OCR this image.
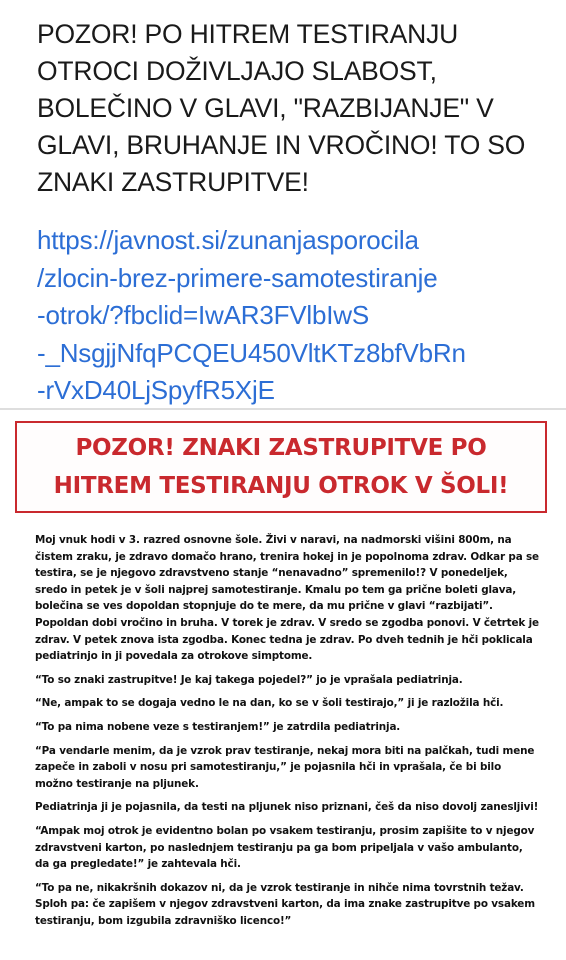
POZOR! PO HITREM TESTIRANJU OTROCI DOŽIVLJAJO SLABOST, BOLEČINO V GLAVI, "RAZBIJANJE" V GLAVI, BRUHANJE IN VROČINO! TO SO ZNAKI ZASTRUPITVE!
https://javnost.si/zunanjasporocila
/zlocin-brez-primere-samotestiranje
-otrok/?fbclid=IwAR3FVlbIwS
-_NsgjjNfqPCQEU450VltKTz8bfVbRn
-rVxD40LjSpyfR5XjE
POZOR! ZNAKI ZASTRUPITVE PO
HITREM TESTIRANJU OTROK V ŠOLI!

Moj vnuk hodi v 3. razred osnovne šole. Živi v naravi, na nadmorski višini 800m, na čistem zraku, je zdravo domačo hrano, trenira hokej in je popolnoma zdrav. Odkar pa se testira, se je njegovo zdravstveno stanje “nenavadno” spremenilo!? V ponedeljek, sredo in petek je v šoli najprej samotestiranje. Kmalu po tem ga prične boleti glava, bolečina se ves dopoldan stopnjuje do te mere, da mu prične v glavi “razbijati”. Popoldan dobi vročino in bruha. V torek je zdrav. V sredo se zgodba ponovi. V četrtek je zdrav. V petek znova ista zgodba. Konec tedna je zdrav. Po dveh tednih je hči poklicala pediatrinjo in ji povedala za otrokove simptome.

“To so znaki zastrupitve! Je kaj takega pojedel?” jo je vprašala pediatrinja.

“Ne, ampak to se dogaja vedno le na dan, ko se v šoli testirajo,” ji je razložila hči.

“To pa nima nobene veze s testiranjem!” je zatrdila pediatrinja.

“Pa vendarle menim, da je vzrok prav testiranje, nekaj mora biti na palčkah, tudi mene zapeče in zaboli v nosu pri samotestiranju,” je pojasnila hči in vprašala, če bi bilo možno testiranje na pljunek.

Pediatrinja ji je pojasnila, da testi na pljunek niso priznani, češ da niso dovolj zanesljivi!

“Ampak moj otrok je evidentno bolan po vsakem testiranju, prosim zapišite to v njegov zdravstveni karton, po naslednjem testiranju pa ga bom pripeljala v vašo ambulanto, da ga pregledate!” je zahtevala hči.

“To pa ne, nikakršnih dokazov ni, da je vzrok testiranje in nihče nima tovrstnih težav. Sploh pa: če zapišem v njegov zdravstveni karton, da ima znake zastrupitve po vsakem testiranju, bom izgubila zdravniško licenco!”
